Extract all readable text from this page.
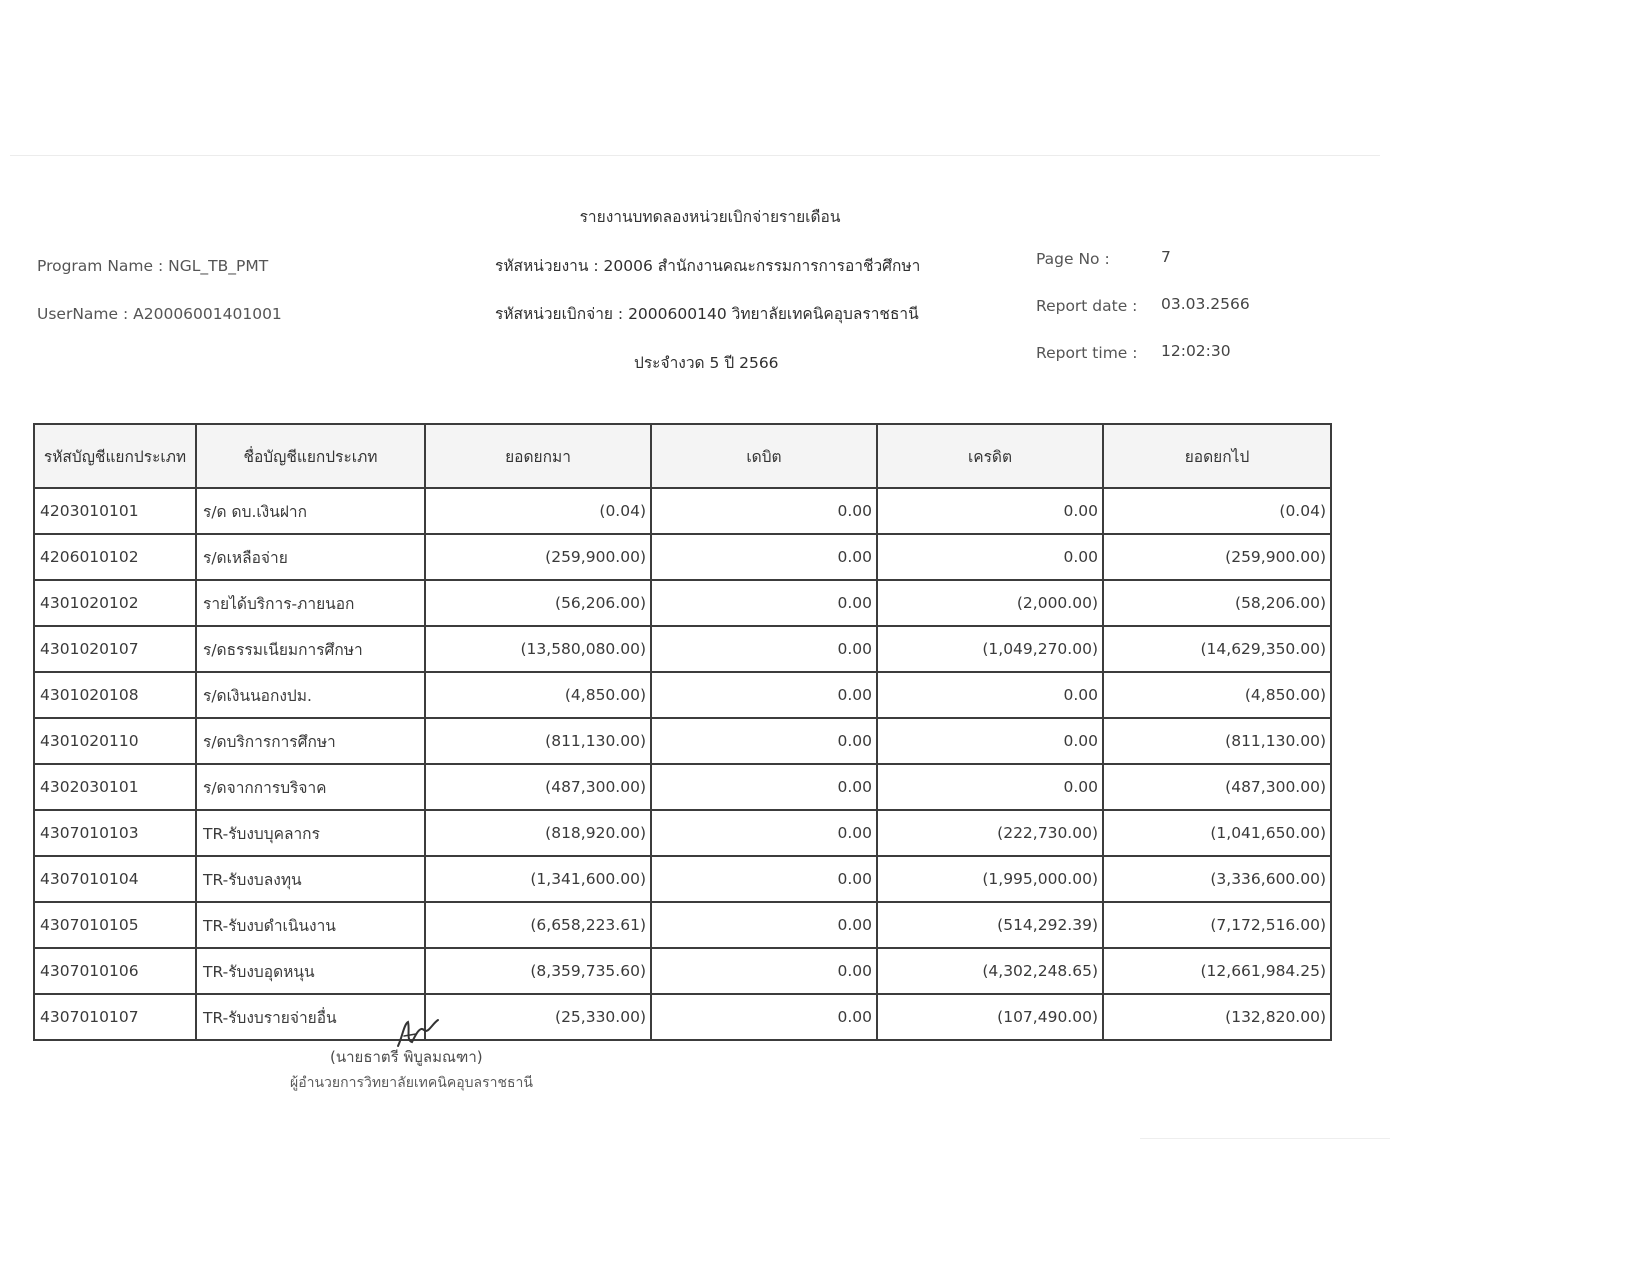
รายงานบทดลองหน่วยเบิกจ่ายรายเดือน
Program Name : NGL_TB_PMT
UserName : A20006001401001
รหัสหน่วยงาน : 20006 สำนักงานคณะกรรมการการอาชีวศึกษา
รหัสหน่วยเบิกจ่าย : 2000600140 วิทยาลัยเทคนิคอุบลราชธานี
ประจำงวด 5 ปี 2566
Page No :	7
Report date : 03.03.2566
Report time : 12:02:30
รหัสบัญชีแยกประเภท	ชื่อบัญชีแยกประเภท	ยอดยกมา	เดบิต	เครดิต	ยอดยกไป
4203010101	ร/ด ดบ.เงินฝาก	(0.04)	0.00	0.00	(0.04)
4206010102	ร/ดเหลือจ่าย	(259,900.00)	0.00	0.00	(259,900.00)
4301020102	รายได้บริการ-ภายนอก	(56,206.00)	0.00	(2,000.00)	(58,206.00)
4301020107	ร/ดธรรมเนียมการศึกษา	(13,580,080.00)	0.00	(1,049,270.00)	(14,629,350.00)
4301020108	ร/ดเงินนอกงปม.	(4,850.00)	0.00	0.00	(4,850.00)
4301020110	ร/ดบริการการศึกษา	(811,130.00)	0.00	0.00	(811,130.00)
4302030101	ร/ดจากการบริจาค	(487,300.00)	0.00	0.00	(487,300.00)
4307010103	TR-รับงบบุคลากร	(818,920.00)	0.00	(222,730.00)	(1,041,650.00)
4307010104	TR-รับงบลงทุน	(1,341,600.00)	0.00	(1,995,000.00)	(3,336,600.00)
4307010105	TR-รับงบดำเนินงาน	(6,658,223.61)	0.00	(514,292.39)	(7,172,516.00)
4307010106	TR-รับงบอุดหนุน	(8,359,735.60)	0.00	(4,302,248.65)	(12,661,984.25)
4307010107	TR-รับงบรายจ่ายอื่น	(25,330.00)	0.00	(107,490.00)	(132,820.00)
(นายธาตรี พิบูลมณฑา)
ผู้อำนวยการวิทยาลัยเทคนิคอุบลราชธานี
